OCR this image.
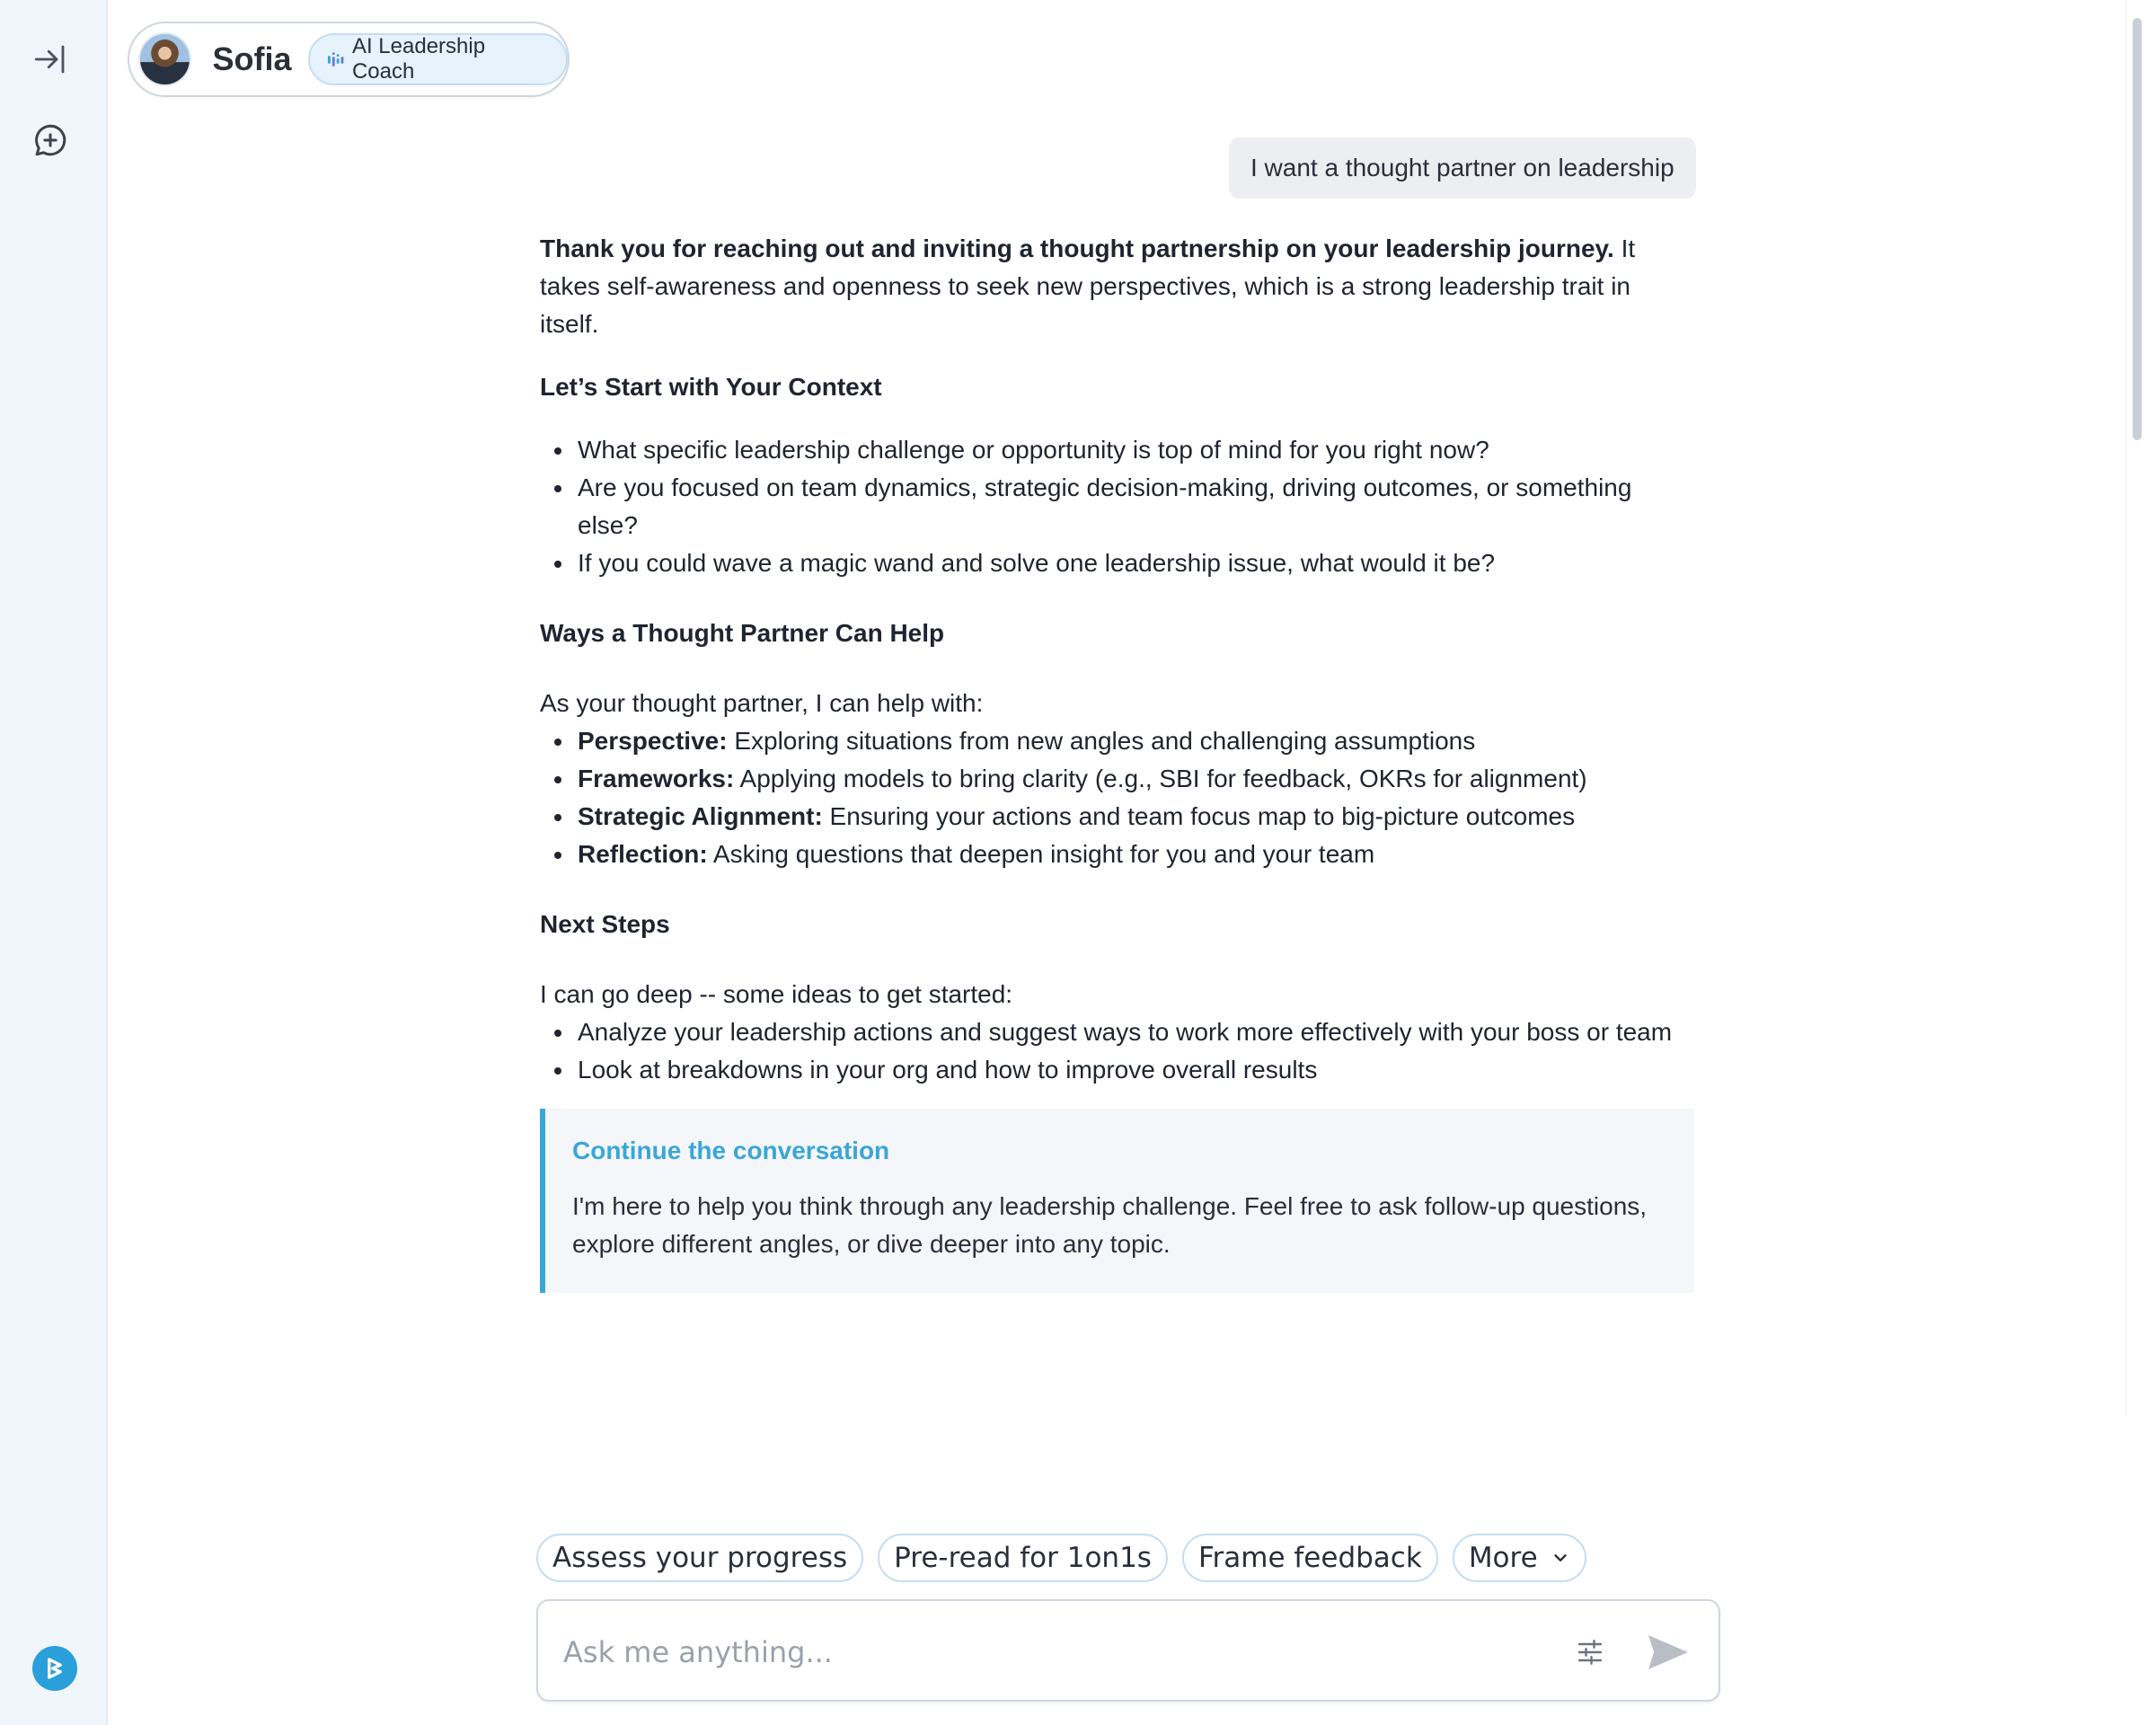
Sofia	AI Leadership Coach
I want a thought partner on leadership

Thank you for reaching out and inviting a thought partnership on your leadership journey. It takes self-awareness and openness to seek new perspectives, which is a strong leadership trait in itself.

Let’s Start with Your Context
What specific leadership challenge or opportunity is top of mind for you right now?
Are you focused on team dynamics, strategic decision-making, driving outcomes, or something else?
If you could wave a magic wand and solve one leadership issue, what would it be?
Ways a Thought Partner Can Help

As your thought partner, I can help with:

Perspective: Exploring situations from new angles and challenging assumptions
Frameworks: Applying models to bring clarity (e.g., SBI for feedback, OKRs for alignment)
Strategic Alignment: Ensuring your actions and team focus map to big-picture outcomes
Reflection: Asking questions that deepen insight for you and your team
Next Steps

I can go deep -- some ideas to get started:

Analyze your leadership actions and suggest ways to work more effectively with your boss or team
Look at breakdowns in your org and how to improve overall results

Continue the conversation
I'm here to help you think through any leadership challenge. Feel free to ask follow-up questions, explore different angles, or dive deeper into any topic.
Assess your progress	Pre-read for 1on1s	Frame feedback	More
Ask me anything...
